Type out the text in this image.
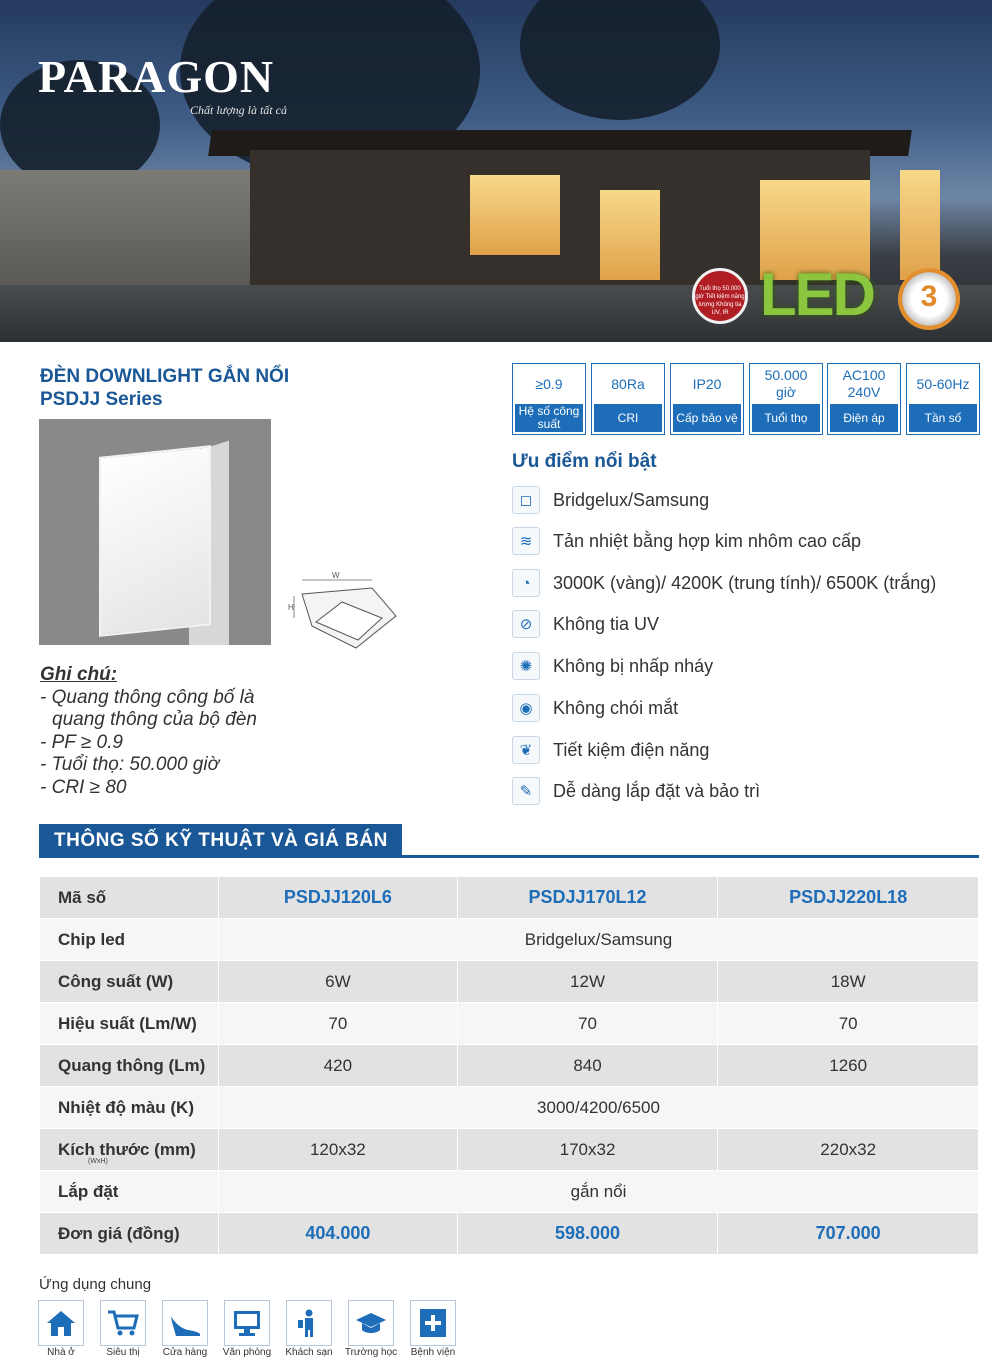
PARAGON
Chất lượng là tất cả
Tuổi thọ 50.000 giờ Tiết kiệm năng lượng Không tia UV, IR LED	3
ĐÈN DOWNLIGHT GẮN NỔI
PSDJJ Series
W
H
Ghi chú:
- Quang thông công bố là
quang thông của bộ đèn
- PF ≥ 0.9
- Tuổi thọ: 50.000 giờ
- CRI ≥ 80
≥0.9
Hệ số công suất
80Ra
CRI
IP20
Cấp bảo vệ
50.000 giờ
Tuổi thọ
AC100 240V
Điện áp
50-60Hz
Tần số
Ưu điểm nổi bật
◻	Bridgelux/Samsung
≋	Tản nhiệt bằng hợp kim nhôm cao cấp
◔	3000K (vàng)/ 4200K (trung tính)/ 6500K (trắng)
⊘	Không tia UV
✺	Không bị nhấp nháy
◉	Không chói mắt
❦	Tiết kiệm điện năng
✎	Dễ dàng lắp đặt và bảo trì
THÔNG SỐ KỸ THUẬT VÀ GIÁ BÁN
Mã số	PSDJJ120L6	PSDJJ170L12	PSDJJ220L18
Chip led	Bridgelux/Samsung		
Công suất (W)	6W	12W	18W
Hiệu suất (Lm/W)	70	70	70
Quang thông (Lm)	420	840	1260
Nhiệt độ màu (K)	3000/4200/6500		
Kích thước (mm)
(WxH)	120x32	170x32	220x32
Lắp đặt	gắn nổi		
Đơn giá (đồng)	404.000	598.000	707.000
Ứng dụng chung
Nhà ở	Siêu thị	Cửa hàng	Văn phòng	Khách sạn	Trường học	Bệnh viện
